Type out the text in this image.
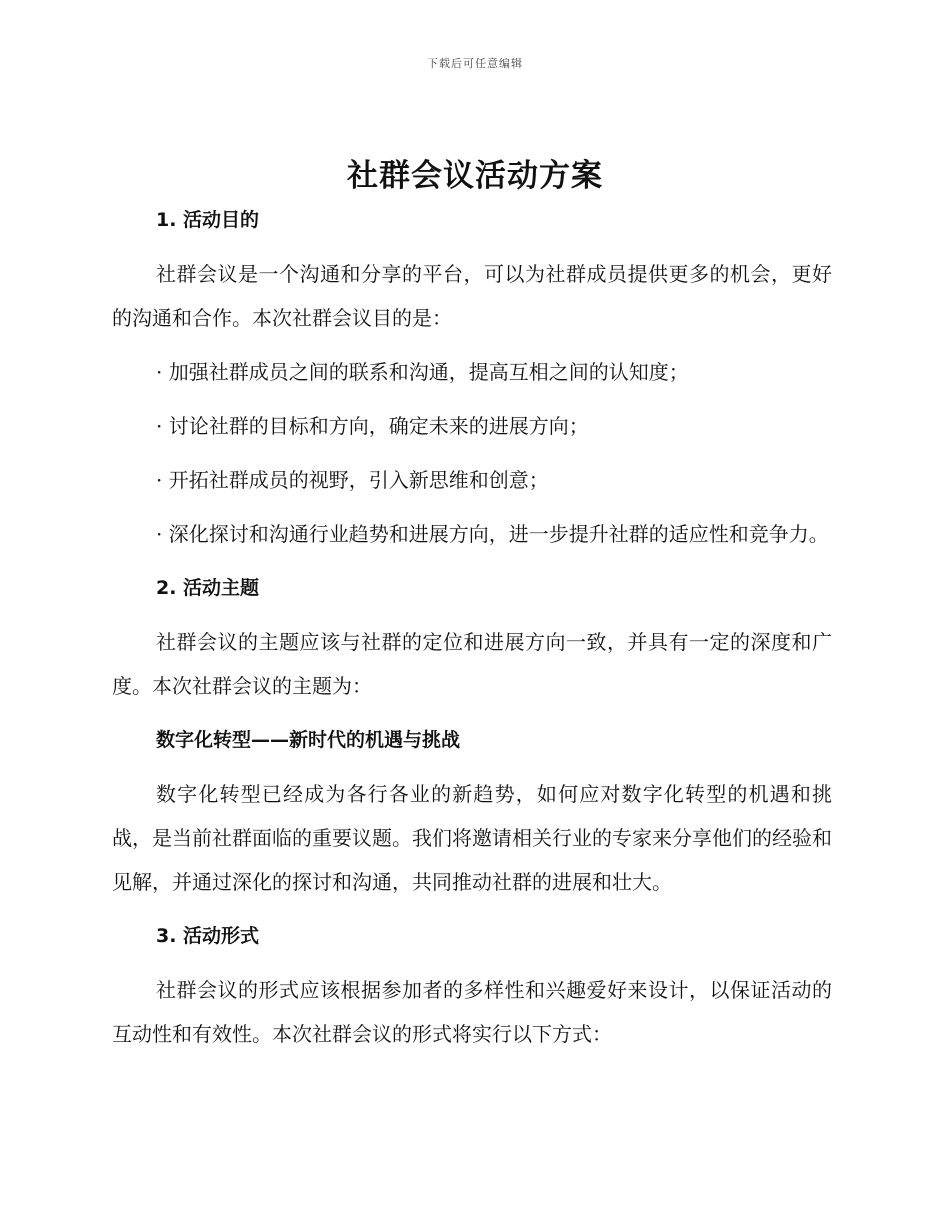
下载后可任意编辑
社群会议活动方案
1. 活动目的

社群会议是一个沟通和分享的平台，可以为社群成员提供更多的机会，更好的沟通和合作。本次社群会议目的是：

· 加强社群成员之间的联系和沟通，提高互相之间的认知度；

· 讨论社群的目标和方向，确定未来的进展方向；

· 开拓社群成员的视野，引入新思维和创意；

· 深化探讨和沟通行业趋势和进展方向，进一步提升社群的适应性和竞争力。

2. 活动主题

社群会议的主题应该与社群的定位和进展方向一致，并具有一定的深度和广度。本次社群会议的主题为：

数字化转型——新时代的机遇与挑战

数字化转型已经成为各行各业的新趋势，如何应对数字化转型的机遇和挑战，是当前社群面临的重要议题。我们将邀请相关行业的专家来分享他们的经验和见解，并通过深化的探讨和沟通，共同推动社群的进展和壮大。

3. 活动形式

社群会议的形式应该根据参加者的多样性和兴趣爱好来设计，以保证活动的互动性和有效性。本次社群会议的形式将实行以下方式：
